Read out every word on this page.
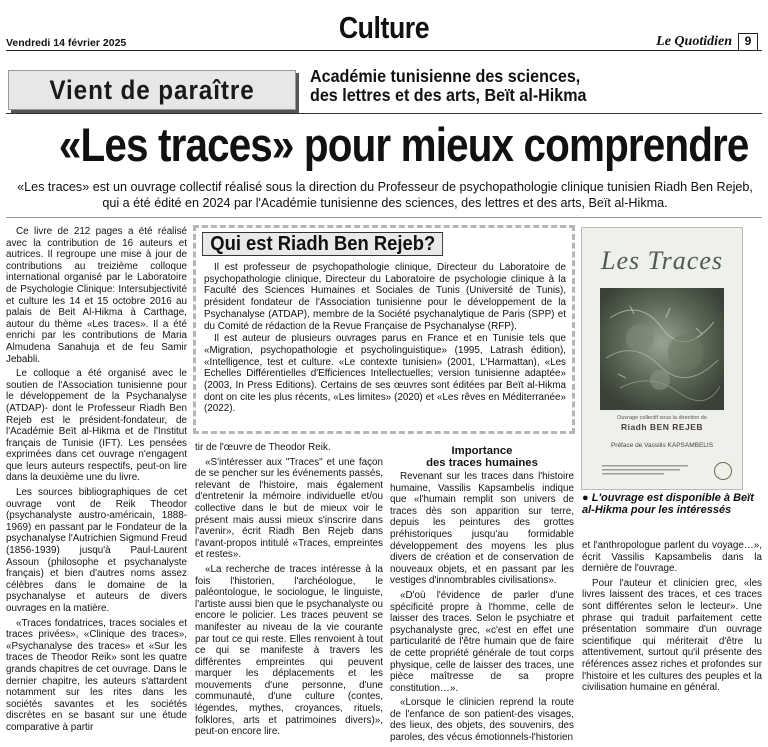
Culture
Vendredi 14 février 2025	Le Quotidien	9
Vient de paraître	Académie tunisienne des sciences,
des lettres et des arts, Beït al-Hikma
«Les traces» pour mieux comprendre
«Les traces» est un ouvrage collectif réalisé sous la direction du Professeur de psychopathologie clinique tunisien Riadh Ben Rejeb, qui a été édité en 2024 par l'Académie tunisienne des sciences, des lettres et des arts, Beït al-Hikma.

Ce livre de 212 pages a été réalisé avec la contribution de 16 auteurs et autrices. Il regroupe une mise à jour de contributions au treizième colloque international organisé par le Laboratoire de Psychologie Clinique: Intersubjectivité et culture les 14 et 15 octobre 2016 au palais de Beit Al-Hikma à Carthage, autour du thème «Les traces». Il a été enrichi par les contributions de Maria Almudena Sanahuja et de feu Samir Jebabli.

Le colloque a été organisé avec le soutien de l'Association tunisienne pour le développement de la Psychanalyse (ATDAP)- dont le Professeur Riadh Ben Rejeb est le président-fondateur, de l'Académie Beït al-Hikma et de l'Institut français de Tunisie (IFT). Les pensées exprimées dans cet ouvrage n'engagent que leurs auteurs respectifs, peut-on lire dans la deuxième une du livre.

Les sources bibliographiques de cet ouvrage vont de Reik Theodor (psychanalyste austro-américain, 1888-1969) en passant par le Fondateur de la psychanalyse l'Autrichien Sigmund Freud (1856-1939) jusqu'à Paul-Laurent Assoun (philosophe et psychanalyste français) et bien d'autres noms assez célèbres dans le domaine de la psychanalyse et auteurs de divers ouvrages en la matière.

«Traces fondatrices, traces sociales et traces privées», «Clinique des traces», «Psychanalyse des traces» et «Sur les traces de Theodor Reik» sont les quatre grands chapitres de cet ouvrage. Dans le dernier chapitre, les auteurs s'attardent notamment sur les rites dans les sociétés savantes et les sociétés discrètes en se basant sur une étude comparative à partir

Qui est Riadh Ben Rejeb?

Il est professeur de psychopathologie clinique, Directeur du Laboratoire de psychopathologie clinique, Directeur du Laboratoire de psychologie clinique à la Faculté des Sciences Humaines et Sociales de Tunis (Université de Tunis), président fondateur de l'Association tunisienne pour le développement de la Psychanalyse (ATDAP), membre de la Société psychanalytique de Paris (SPP) et du Comité de rédaction de la Revue Française de Psychanalyse (RFP).

Il est auteur de plusieurs ouvrages parus en France et en Tunisie tels que «Migration, psychopathologie et psycholinguistique» (1995, Latrash édition), «Intelligence, test et culture. «Le contexte tunisien» (2001, L'Harmattan), «Les Echelles Différentielles d'Efficiences Intellectuelles; version tunisienne adaptée» (2003, In Press Editions). Certains de ses œuvres sont éditées par Beït al-Hikma dont on cite les plus récents, «Les limites» (2020) et «Les rêves en Méditerranée» (2022).

tir de l'œuvre de Theodor Reik.

«S'intéresser aux "Traces" et une façon de se pencher sur les événements passés, relevant de l'histoire, mais également d'entretenir la mémoire individuelle et/ou collective dans le but de mieux voir le présent mais aussi mieux s'inscrire dans l'avenir», écrit Riadh Ben Rejeb dans l'avant-propos intitulé «Traces, empreintes et restes».

«La recherche de traces intéresse à la fois l'historien, l'archéologue, le paléontologue, le sociologue, le linguiste, l'artiste aussi bien que le psychanalyste ou encore le policier. Les traces peuvent se manifester au niveau de la vie courante par tout ce qui reste. Elles renvoient à tout ce qui se manifeste à travers les différentes empreintes qui peuvent marquer les déplacements et les mouvements d'une personne, d'une communauté, d'une culture (contes, légendes, mythes, croyances, rituels, folklores, arts et patrimoines divers)», peut-on encore lire.

Importance
des traces humaines

Revenant sur les traces dans l'histoire humaine, Vassilis Kapsambelis indique que «l'humain remplit son univers de traces dès son apparition sur terre, depuis les peintures des grottes préhistoriques jusqu'au formidable développement des moyens les plus divers de création et de conservation de nouveaux objets, et en passant par les vestiges d'innombrables civilisations».

«D'où l'évidence de parler d'une spécificité propre à l'homme, celle de laisser des traces. Selon le psychiatre et psychanalyste grec, «c'est en effet une particularité de l'être humain que de faire de cette propriété générale de tout corps physique, celle de laisser des traces, une pièce maîtresse de sa propre constitution…».

«Lorsque le clinicien reprend la route de l'enfance de son patient-des visages, des lieux, des objets, des souvenirs, des paroles, des vécus émotionnels-l'historien

Les Traces
Ouvrage collectif sous la direction de
Riadh BEN REJEB
Préface de Vassilis KAPSAMBELIS
● L'ouvrage est disponible à Beït al-Hikma pour les intéressés

et l'anthropologue parlent du voyage…», écrit Vassilis Kapsambelis dans la dernière de l'ouvrage.

Pour l'auteur et clinicien grec, «les livres laissent des traces, et ces traces sont différentes selon le lecteur». Une phrase qui traduit parfaitement cette présentation sommaire d'un ouvrage scientifique qui mériterait d'être lu attentivement, surtout qu'il présente des références assez riches et profondes sur l'histoire et les cultures des peuples et la civilisation humaine en général.
